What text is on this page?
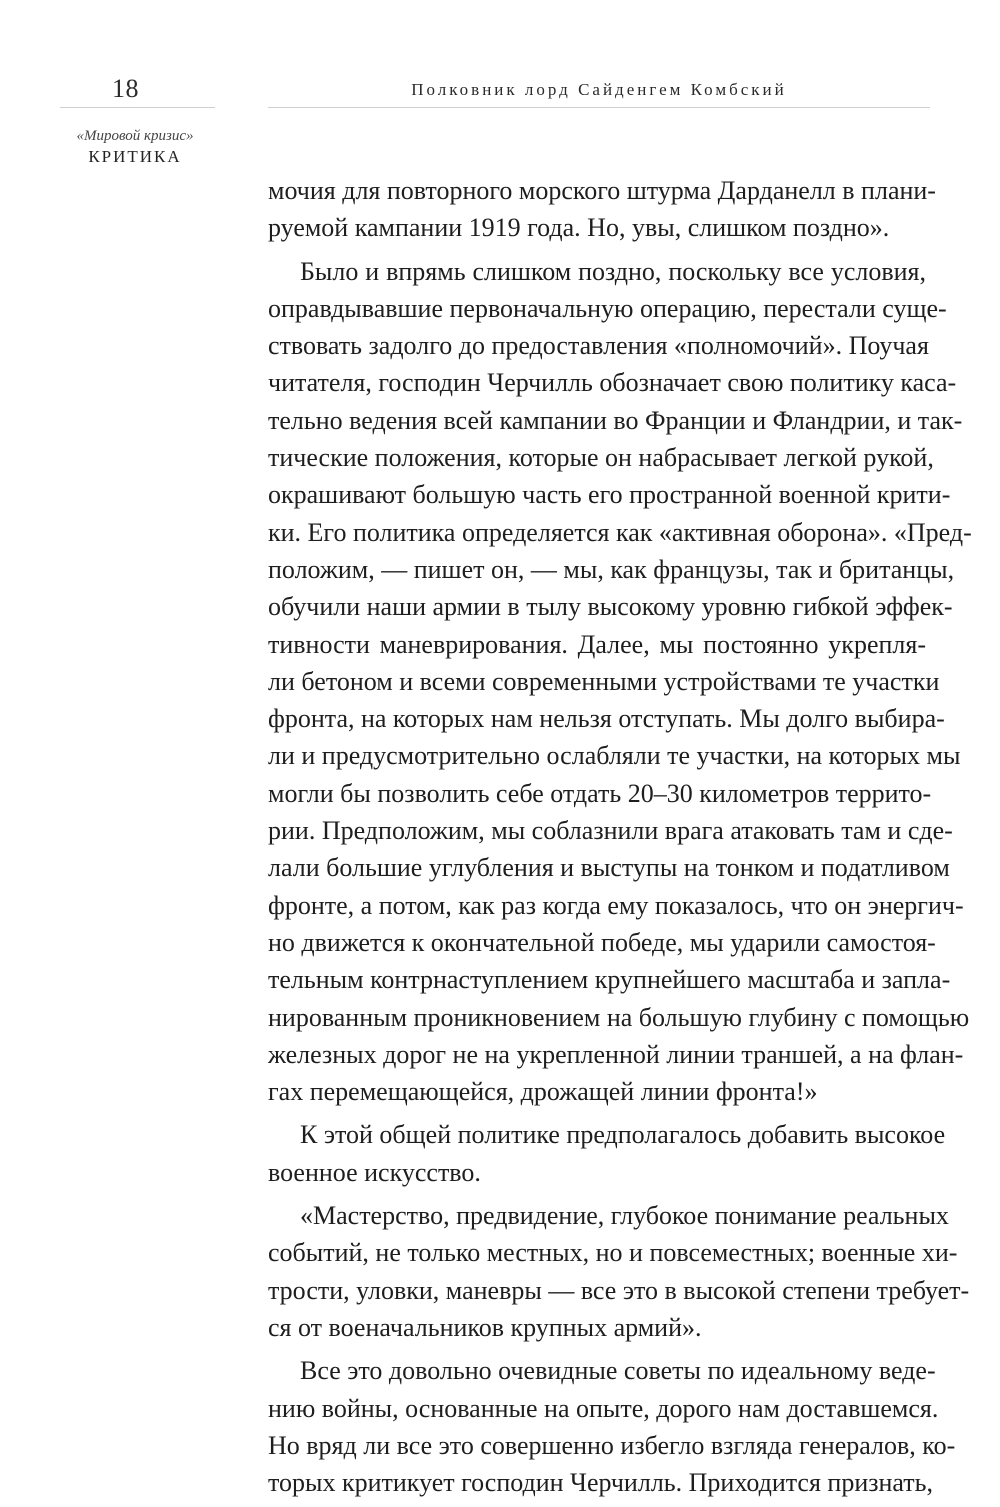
18	Полковник лорд Сайденгем Комбский
«Мировой кризис»
КРИТИКА

мочия для повторного морского штурма Дарданелл в плани-
руемой кампании 1919 года. Но, увы, слишком поздно».

Было и впрямь слишком поздно, поскольку все условия,
оправдывавшие первоначальную операцию, перестали суще-
ствовать задолго до предоставления «полномочий». Поучая
читателя, господин Черчилль обозначает свою политику каса-
тельно ведения всей кампании во Франции и Фландрии, и так-
тические положения, которые он набрасывает легкой рукой,
окрашивают большую часть его пространной военной крити-
ки. Его политика определяется как «активная оборона». «Пред-
положим, — пишет он, — мы, как французы, так и британцы,
обучили наши армии в тылу высокому уровню гибкой эффек-
тивности маневрирования. Далее, мы постоянно укрепля-
ли бетоном и всеми современными устройствами те участки
фронта, на которых нам нельзя отступать. Мы долго выбира-
ли и предусмотрительно ослабляли те участки, на которых мы
могли бы позволить себе отдать 20–30 километров террито-
рии. Предположим, мы соблазнили врага атаковать там и сде-
лали большие углубления и выступы на тонком и податливом
фронте, а потом, как раз когда ему показалось, что он энергич-
но движется к окончательной победе, мы ударили самостоя-
тельным контрнаступлением крупнейшего масштаба и запла-
нированным проникновением на большую глубину с помощью
железных дорог не на укрепленной линии траншей, а на флан-
гах перемещающейся, дрожащей линии фронта!»

К этой общей политике предполагалось добавить высокое
военное искусство.

«Мастерство, предвидение, глубокое понимание реальных
событий, не только местных, но и повсеместных; военные хи-
трости, уловки, маневры — все это в высокой степени требует-
ся от военачальников крупных армий».

Все это довольно очевидные советы по идеальному веде-
нию войны, основанные на опыте, дорого нам доставшемся.
Но вряд ли все это совершенно избегло взгляда генералов, ко-
торых критикует господин Черчилль. Приходится признать,
